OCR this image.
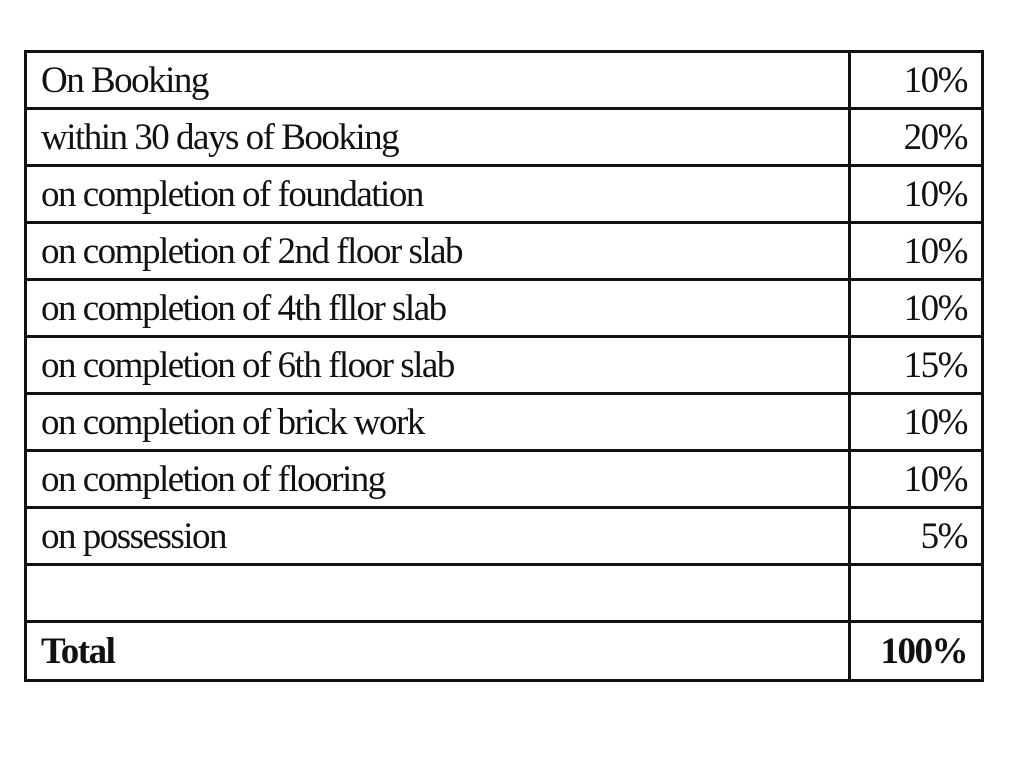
On Booking	10%
within 30 days of Booking	20%
on completion of foundation	10%
on completion of 2nd floor slab	10%
on completion of 4th fllor slab	10%
on completion of 6th floor slab	15%
on completion of brick work	10%
on completion of flooring	10%
on possession	5%

Total	100%
